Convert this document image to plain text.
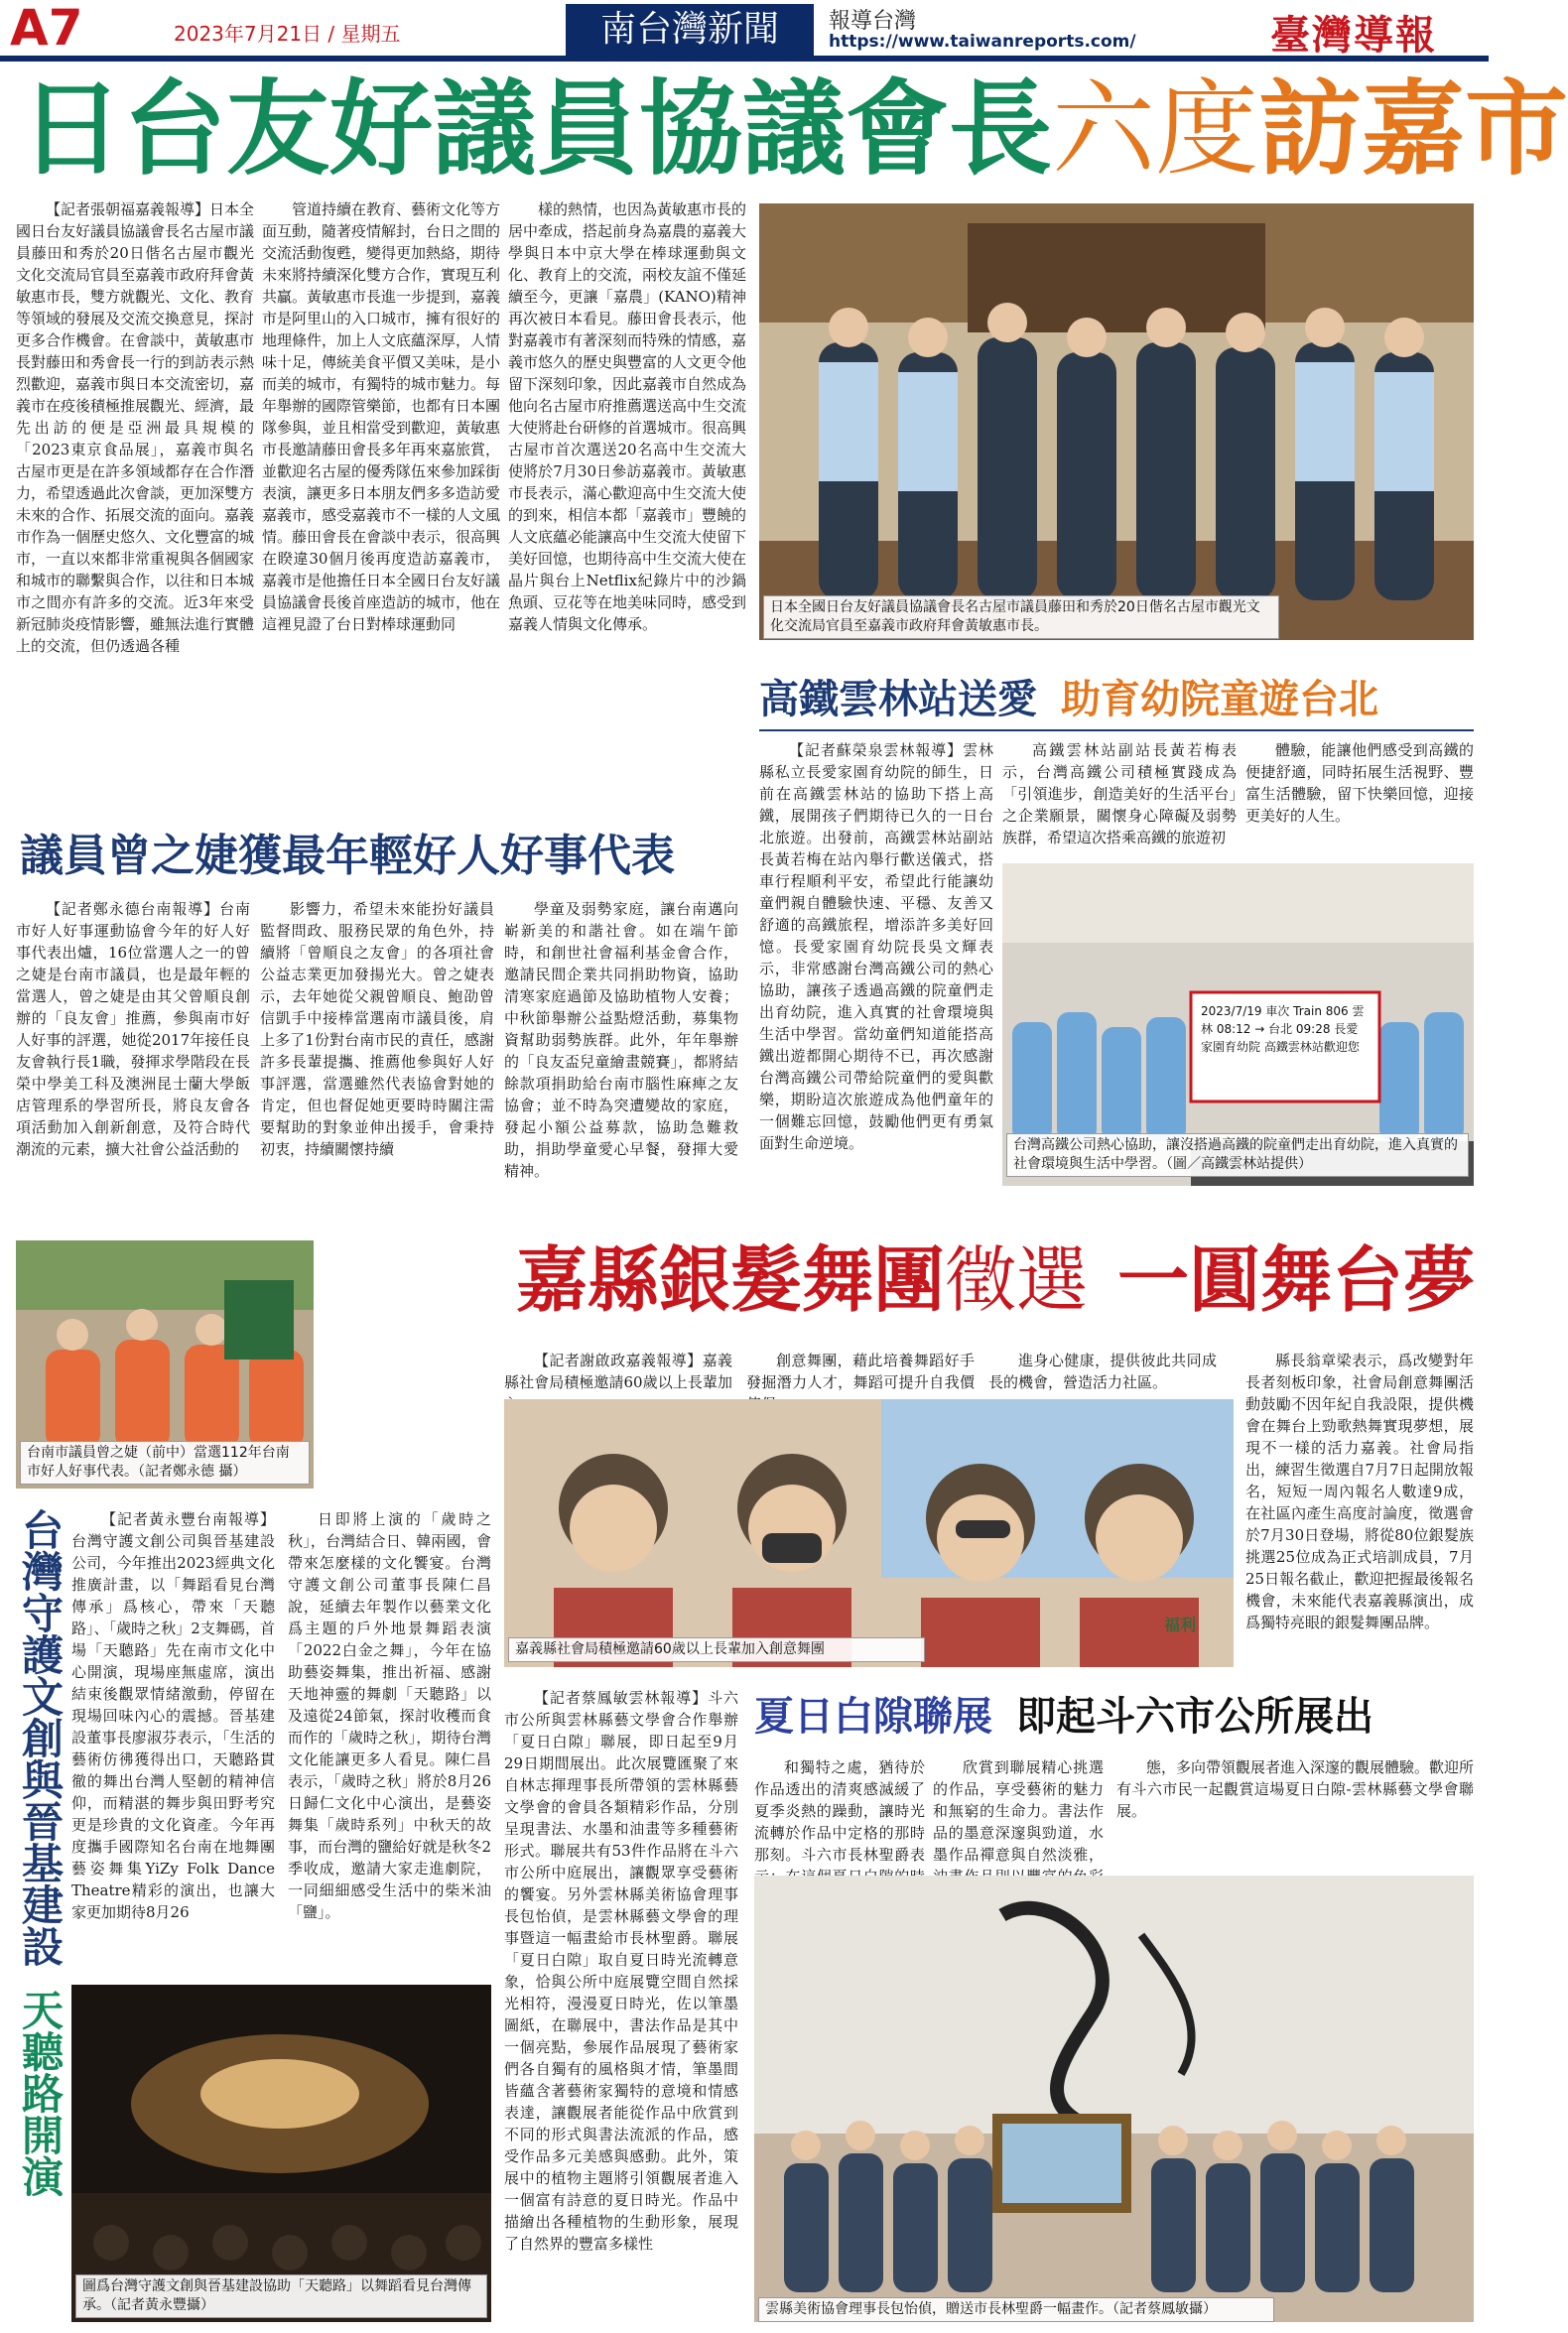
A7	2023年7月21日 / 星期五	南台灣新聞	報導台灣
https://www.taiwanreports.com/	臺灣導報
日台友好議員協議會長六度訪嘉市

【記者張朝福嘉義報導】日本全國日台友好議員協議會長名古屋市議員藤田和秀於20日偕名古屋市觀光文化交流局官員至嘉義市政府拜會黃敏惠市長，雙方就觀光、文化、教育等領域的發展及交流交換意見，探討更多合作機會。在會談中，黃敏惠市長對藤田和秀會長一行的到訪表示熱烈歡迎，嘉義市與日本交流密切，嘉義市在疫後積極推展觀光、經濟，最先出訪的便是亞洲最具規模的「2023東京食品展」，嘉義市與名古屋市更是在許多領域都存在合作潛力，希望透過此次會談，更加深雙方未來的合作、拓展交流的面向。嘉義市作為一個歷史悠久、文化豐富的城市，一直以來都非常重視與各個國家和城市的聯繫與合作，以往和日本城市之間亦有許多的交流。近3年來受新冠肺炎疫情影響，雖無法進行實體上的交流，但仍透過各種

管道持續在教育、藝術文化等方面互動，隨著疫情解封，台日之間的交流活動復甦，變得更加熱絡，期待未來將持續深化雙方合作，實現互利共贏。黃敏惠市長進一步提到，嘉義市是阿里山的入口城市，擁有很好的地理條件，加上人文底蘊深厚，人情味十足，傳統美食平價又美味，是小而美的城市，有獨特的城市魅力。每年舉辦的國際管樂節，也都有日本團隊參與，並且相當受到歡迎，黃敏惠市長邀請藤田會長多年再來嘉旅賞，並歡迎名古屋的優秀隊伍來參加踩街表演，讓更多日本朋友們多多造訪愛嘉義市，感受嘉義市不一樣的人文風情。藤田會長在會談中表示，很高興在睽違30個月後再度造訪嘉義市，嘉義市是他擔任日本全國日台友好議員協議會長後首座造訪的城市，他在這裡見證了台日對棒球運動同

樣的熱情，也因為黃敏惠市長的居中牽成，搭起前身為嘉農的嘉義大學與日本中京大學在棒球運動與文化、教育上的交流，兩校友誼不僅延續至今，更讓「嘉農」(KANO)精神再次被日本看見。藤田會長表示，他對嘉義市有著深刻而特殊的情感，嘉義市悠久的歷史與豐富的人文更令他留下深刻印象，因此嘉義市自然成為他向名古屋市府推薦選送高中生交流大使將赴台研修的首選城市。很高興古屋市首次選送20名高中生交流大使將於7月30日參訪嘉義市。黃敏惠市長表示，滿心歡迎高中生交流大使的到來，相信本都「嘉義市」豐饒的人文底蘊必能讓高中生交流大使留下美好回憶，也期待高中生交流大使在晶片與台上Netflix紀錄片中的沙鍋魚頭、豆花等在地美味同時，感受到嘉義人情與文化傳承。

日本全國日台友好議員協議會長名古屋市議員藤田和秀於20日偕名古屋市觀光文化交流局官員至嘉義市政府拜會黃敏惠市長。
高鐵雲林站送愛 助育幼院童遊台北

【記者蘇榮泉雲林報導】雲林縣私立長愛家園育幼院的師生，日前在高鐵雲林站的協助下搭上高鐵，展開孩子們期待已久的一日台北旅遊。出發前，高鐵雲林站副站長黃若梅在站內舉行歡送儀式，搭車行程順利平安，希望此行能讓幼童們親自體驗快速、平穩、友善又舒適的高鐵旅程，增添許多美好回憶。長愛家園育幼院長吳文輝表示，非常感謝台灣高鐵公司的熱心協助，讓孩子透過高鐵的院童們走出育幼院，進入真實的社會環境與生活中學習。當幼童們知道能搭高鐵出遊都開心期待不已，再次感謝台灣高鐵公司帶給院童們的愛與歡樂，期盼這次旅遊成為他們童年的一個難忘回憶，鼓勵他們更有勇氣面對生命逆境。

高鐵雲林站副站長黃若梅表示，台灣高鐵公司積極實踐成為「引領進步，創造美好的生活平台」之企業願景，關懷身心障礙及弱勢族群，希望這次搭乘高鐵的旅遊初

體驗，能讓他們感受到高鐵的便捷舒適，同時拓展生活視野、豐富生活體驗，留下快樂回憶，迎接更美好的人生。

2023/7/19 車次 Train 806 雲林 08:12 → 台北 09:28 長愛家園育幼院 高鐵雲林站歡迎您
台灣高鐵公司熱心協助，讓沒搭過高鐵的院童們走出育幼院，進入真實的社會環境與生活中學習。（圖／高鐵雲林站提供）
議員曾之婕獲最年輕好人好事代表

【記者鄭永德台南報導】台南市好人好事運動協會今年的好人好事代表出爐，16位當選人之一的曾之婕是台南市議員，也是最年輕的當選人，曾之婕是由其父曾順良創辦的「良友會」推薦，參與南市好人好事的評選，她從2017年接任良友會執行長1職，發揮求學階段在長榮中學美工科及澳洲昆士蘭大學飯店管理系的學習所長，將良友會各項活動加入創新創意，及符合時代潮流的元素，擴大社會公益活動的

影響力，希望未來能扮好議員監督問政、服務民眾的角色外，持續將「曾順良之友會」的各項社會公益志業更加發揚光大。曾之婕表示，去年她從父親曾順良、鮑劭曾信凱手中接棒當選南市議員後，肩上多了1份對台南市民的責任，感謝許多長輩提攜、推薦他參與好人好事評選，當選雖然代表協會對她的肯定，但也督促她更要時時關注需要幫助的對象並伸出援手，會秉持初衷，持續關懷持續

學童及弱勢家庭，讓台南邁向嶄新美的和諧社會。如在端午節時，和創世社會福利基金會合作，邀請民間企業共同捐助物資，協助清寒家庭過節及協助植物人安養；中秋節舉辦公益點燈活動，募集物資幫助弱勢族群。此外，年年舉辦的「良友盃兒童繪畫競賽」，都將結餘款項捐助給台南市腦性麻痺之友協會；並不時為突遭變故的家庭，發起小額公益募款，協助急難救助，捐助學童愛心早餐，發揮大愛精神。

台南市議員曾之婕（前中）當選112年台南市好人好事代表。（記者鄭永德 攝）
嘉縣銀髮舞團徵選 一圓舞台夢

【記者謝啟政嘉義報導】嘉義縣社會局積極邀請60歲以上長輩加

創意舞團，藉此培養舞蹈好手發掘潛力人才，舞蹈可提升自我價

進身心健康，提供彼此共同成長的機會，營造活力社區。

縣長翁章梁表示，爲改變對年長者刻板印象，社會局創意舞團活動鼓勵不因年紀自我設限，提供機會在舞台上勁歌熱舞實現夢想，展現不一樣的活力嘉義。社會局指出，練習生徵選自7月7日起開放報名，短短一周內報名人數達9成，在社區內產生高度討論度，徵選會於7月30日登場，將從80位銀髮族挑選25位成為正式培訓成員，7月25日報名截止，歡迎把握最後報名機會，未來能代表嘉義縣演出，成爲獨特亮眼的銀髮舞團品牌。

福利
嘉義縣社會局積極邀請60歲以上長輩加入創意舞團
台灣守護文創與晉基建設天聽路開演

【記者黃永豐台南報導】台灣守護文創公司與晉基建設公司，今年推出2023經典文化推廣計畫，以「舞蹈看見台灣傳承」爲核心，帶來「天聽路」、「歲時之秋」2支舞碼，首場「天聽路」先在南市文化中心開演，現場座無虛席，演出結束後觀眾情緒激動，停留在現場回味內心的震撼。晉基建設董事長廖淑芬表示，「生活的藝術仿彿獲得出口，天聽路貫徹的舞出台灣人堅韌的精神信仰，而精湛的舞步與田野考究更是珍貴的文化資產。今年再度攜手國際知名台南在地舞團藝姿舞集YiZy Folk Dance Theatre精彩的演出，也讓大家更加期待8月26

日即將上演的「歲時之秋」，台灣結合日、韓兩國，會帶來怎麼樣的文化饗宴。台灣守護文創公司董事長陳仁昌說，延續去年製作以藝業文化爲主題的戶外地景舞蹈表演「2022白金之舞」，今年在協助藝姿舞集，推出祈福、感謝天地神靈的舞劇「天聽路」以及遠從24節氣，探討收穫而食而作的「歲時之秋」，期待台灣文化能讓更多人看見。陳仁昌表示，「歲時之秋」將於8月26日歸仁文化中心演出，是藝姿舞集「歲時系列」中秋天的故事，而台灣的鹽給好就是秋冬2季收成，邀請大家走進劇院，一同細細感受生活中的柴米油「鹽」。

圖爲台灣守護文創與晉基建設協助「天聽路」以舞蹈看見台灣傳承。（記者黃永豐攝）
夏日白隙聯展 即起斗六市公所展出

【記者蔡鳳敏雲林報導】斗六市公所與雲林縣藝文學會合作舉辦「夏日白隙」聯展，即日起至9月29日期間展出。此次展覽匯聚了來自林志揮理事長所帶領的雲林縣藝文學會的會員各類精彩作品，分別呈現書法、水墨和油畫等多種藝術形式。聯展共有53件作品將在斗六市公所中庭展出，讓觀眾享受藝術的饗宴。另外雲林縣美術協會理事長包怡偵，是雲林縣藝文學會的理事暨這一幅畫給市長林聖爵。聯展「夏日白隙」取自夏日時光流轉意象，恰與公所中庭展覽空間自然採光相符，漫漫夏日時光，佐以筆墨圖紙，在聯展中，書法作品是其中一個亮點，參展作品展現了藝術家們各自獨有的風格與才情，筆墨間皆蘊含著藝術家獨特的意境和情感表達，讓觀展者能從作品中欣賞到不同的形式與書法流派的作品，感受作品多元美感與感動。此外，策展中的植物主題將引領觀展者進入一個富有詩意的夏日時光。作品中描繪出各種植物的生動形象，展現了自然界的豐富多樣性

和獨特之處，猶待於作品透出的清爽感滅緩了夏季炎熱的躁動，讓時光流轉於作品中定格的那時那刻。斗六市長林聖爵表

欣賞到聯展精心挑選的作品，享受藝術的魅力和無窮的生命力。書法作品的墨意深邃與勁道，水墨作品禪意與自然淡雅，

態，多向帶領觀展者進入深邃的觀展體驗。歡迎所有斗六市民一起觀賞這場夏日白隙-雲林縣藝文學會聯展。

雲縣美術協會理事長包怡偵，贈送市長林聖爵一幅畫作。（記者蔡鳳敏攝）
